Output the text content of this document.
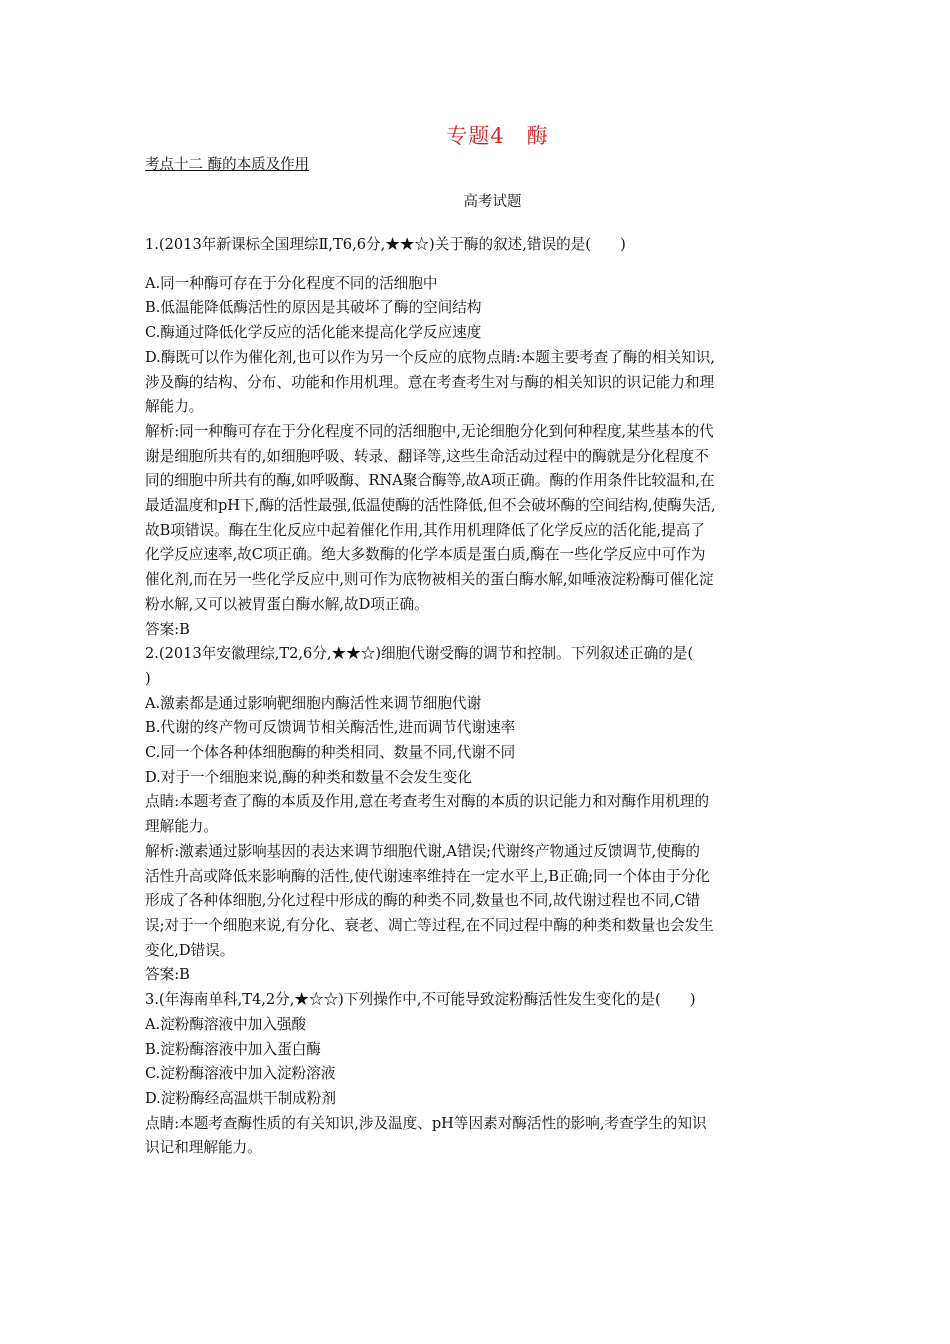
专题4　酶
考点十二 酶的本质及作用
高考试题
1.(2013年新课标全国理综Ⅱ,T6,6分,★★☆)关于酶的叙述,错误的是(　　)
A.同一种酶可存在于分化程度不同的活细胞中
B.低温能降低酶活性的原因是其破坏了酶的空间结构
C.酶通过降低化学反应的活化能来提高化学反应速度
D.酶既可以作为催化剂,也可以作为另一个反应的底物点睛:本题主要考查了酶的相关知识,
涉及酶的结构、分布、功能和作用机理。意在考查考生对与酶的相关知识的识记能力和理
解能力。
解析:同一种酶可存在于分化程度不同的活细胞中,无论细胞分化到何种程度,某些基本的代
谢是细胞所共有的,如细胞呼吸、转录、翻译等,这些生命活动过程中的酶就是分化程度不
同的细胞中所共有的酶,如呼吸酶、RNA聚合酶等,故A项正确。酶的作用条件比较温和,在
最适温度和pH下,酶的活性最强,低温使酶的活性降低,但不会破坏酶的空间结构,使酶失活,
故B项错误。酶在生化反应中起着催化作用,其作用机理降低了化学反应的活化能,提高了
化学反应速率,故C项正确。绝大多数酶的化学本质是蛋白质,酶在一些化学反应中可作为
催化剂,而在另一些化学反应中,则可作为底物被相关的蛋白酶水解,如唾液淀粉酶可催化淀
粉水解,又可以被胃蛋白酶水解,故D项正确。
答案:B
2.(2013年安徽理综,T2,6分,★★☆)细胞代谢受酶的调节和控制。下列叙述正确的是(
)
A.激素都是通过影响靶细胞内酶活性来调节细胞代谢
B.代谢的终产物可反馈调节相关酶活性,进而调节代谢速率
C.同一个体各种体细胞酶的种类相同、数量不同,代谢不同
D.对于一个细胞来说,酶的种类和数量不会发生变化
点睛:本题考查了酶的本质及作用,意在考查考生对酶的本质的识记能力和对酶作用机理的
理解能力。
解析:激素通过影响基因的表达来调节细胞代谢,A错误;代谢终产物通过反馈调节,使酶的
活性升高或降低来影响酶的活性,使代谢速率维持在一定水平上,B正确;同一个体由于分化
形成了各种体细胞,分化过程中形成的酶的种类不同,数量也不同,故代谢过程也不同,C错
误;对于一个细胞来说,有分化、衰老、凋亡等过程,在不同过程中酶的种类和数量也会发生
变化,D错误。
答案:B
3.(年海南单科,T4,2分,★☆☆)下列操作中,不可能导致淀粉酶活性发生变化的是(　　)
A.淀粉酶溶液中加入强酸
B.淀粉酶溶液中加入蛋白酶
C.淀粉酶溶液中加入淀粉溶液
D.淀粉酶经高温烘干制成粉剂
点睛:本题考查酶性质的有关知识,涉及温度、pH等因素对酶活性的影响,考查学生的知识
识记和理解能力。
